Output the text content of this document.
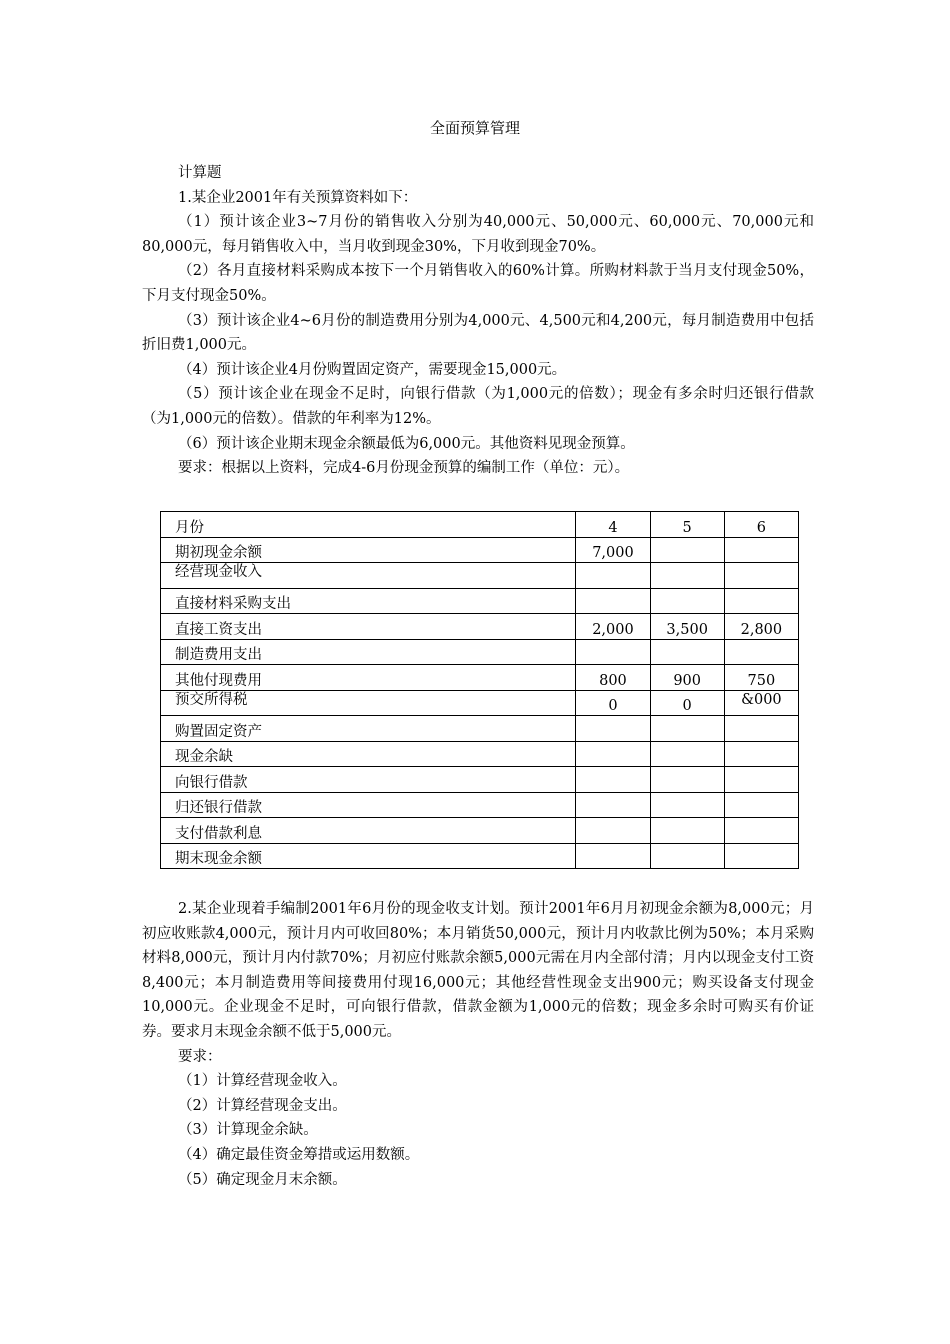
全面预算管理

计算题

1.某企业2001年有关预算资料如下：

（1）预计该企业3~7月份的销售收入分别为40,000元、50,000元、60,000元、70,000元和80,000元，每月销售收入中，当月收到现金30%，下月收到现金70%。

（2）各月直接材料采购成本按下一个月销售收入的60%计算。所购材料款于当月支付现金50%，下月支付现金50%。

（3）预计该企业4~6月份的制造费用分别为4,000元、4,500元和4,200元，每月制造费用中包括折旧费1,000元。

（4）预计该企业4月份购置固定资产，需要现金15,000元。

（5）预计该企业在现金不足时，向银行借款（为1,000元的倍数）；现金有多余时归还银行借款（为1,000元的倍数）。借款的年利率为12%。

（6）预计该企业期末现金余额最低为6,000元。其他资料见现金预算。

要求：根据以上资料，完成4-6月份现金预算的编制工作（单位：元）。

月份	4	5	6
期初现金余额	7,000		
经营现金收入			
直接材料采购支出			
直接工资支出	2,000	3,500	2,800
制造费用支出			
其他付现费用	800	900	750
预交所得税	0	0	&000
购置固定资产			
现金余缺			
向银行借款			
归还银行借款			
支付借款利息			
期末现金余额			

2.某企业现着手编制2001年6月份的现金收支计划。预计2001年6月月初现金余额为8,000元；月初应收账款4,000元，预计月内可收回80%；本月销货50,000元，预计月内收款比例为50%；本月采购材料8,000元，预计月内付款70%；月初应付账款余额5,000元需在月内全部付清；月内以现金支付工资8,400元；本月制造费用等间接费用付现16,000元；其他经营性现金支出900元；购买设备支付现金10,000元。企业现金不足时，可向银行借款，借款金额为1,000元的倍数；现金多余时可购买有价证券。要求月末现金余额不低于5,000元。

要求：

（1）计算经营现金收入。

（2）计算经营现金支出。

（3）计算现金余缺。

（4）确定最佳资金筹措或运用数额。

（5）确定现金月末余额。
